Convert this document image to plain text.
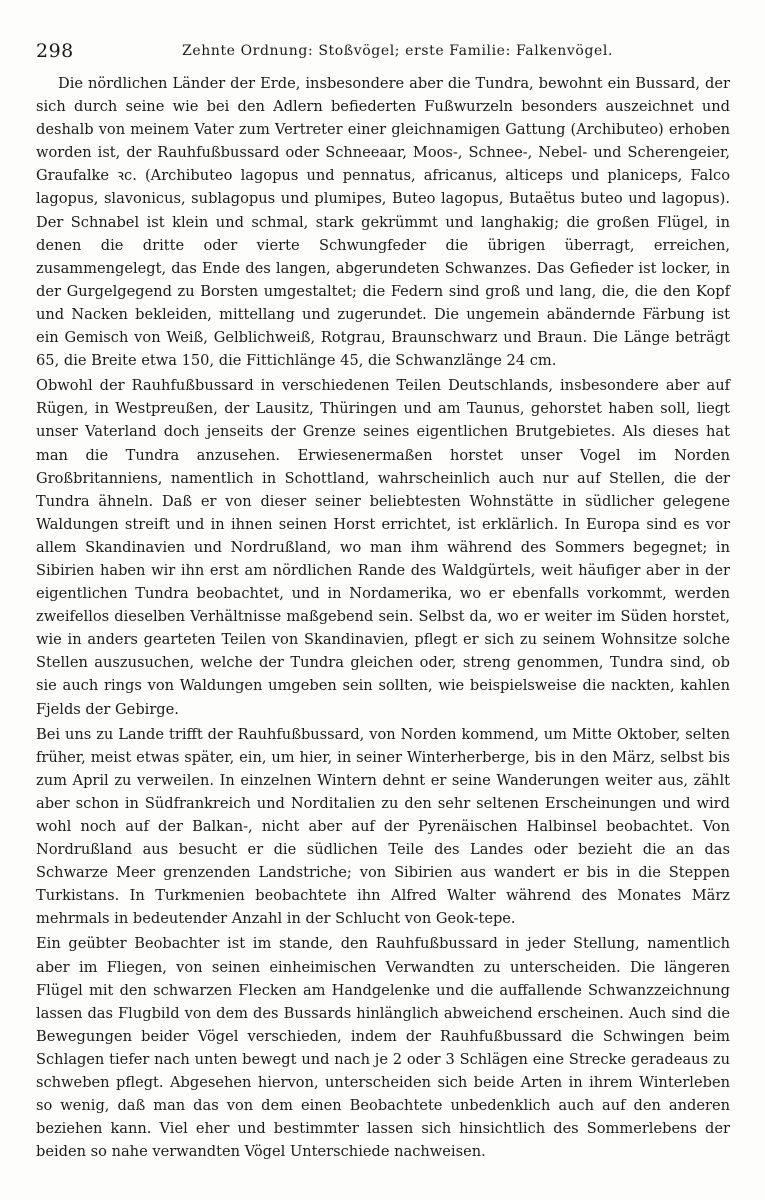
298	Zehnte Ordnung: Stoßvögel; erste Familie: Falkenvögel.

Die nördlichen Länder der Erde, insbesondere aber die Tundra, bewohnt ein Bussard, der sich durch seine wie bei den Adlern befiederten Fußwurzeln besonders auszeichnet und deshalb von meinem Vater zum Vertreter einer gleichnamigen Gattung (Archibuteo) erhoben worden ist, der Rauhfußbussard oder Schneeaar, Moos-, Schnee-, Nebel- und Scherengeier, Graufalke ꝛc. (Archibuteo lagopus und pennatus, africanus, alticeps und planiceps, Falco lagopus, slavonicus, sublagopus und plumipes, Buteo lagopus, Butaëtus buteo und lagopus). Der Schnabel ist klein und schmal, stark gekrümmt und langhakig; die großen Flügel, in denen die dritte oder vierte Schwungfeder die übrigen überragt, erreichen, zusammengelegt, das Ende des langen, abgerundeten Schwanzes. Das Gefieder ist locker, in der Gurgelgegend zu Borsten umgestaltet; die Federn sind groß und lang, die, die den Kopf und Nacken bekleiden, mittellang und zugerundet. Die ungemein abändernde Färbung ist ein Gemisch von Weiß, Gelblichweiß, Rotgrau, Braunschwarz und Braun. Die Länge beträgt 65, die Breite etwa 150, die Fittichlänge 45, die Schwanzlänge 24 cm.

Obwohl der Rauhfußbussard in verschiedenen Teilen Deutschlands, insbesondere aber auf Rügen, in Westpreußen, der Lausitz, Thüringen und am Taunus, gehorstet haben soll, liegt unser Vaterland doch jenseits der Grenze seines eigentlichen Brutgebietes. Als dieses hat man die Tundra anzusehen. Erwiesenermaßen horstet unser Vogel im Norden Großbritanniens, namentlich in Schottland, wahrscheinlich auch nur auf Stellen, die der Tundra ähneln. Daß er von dieser seiner beliebtesten Wohnstätte in südlicher gelegene Waldungen streift und in ihnen seinen Horst errichtet, ist erklärlich. In Europa sind es vor allem Skandinavien und Nordrußland, wo man ihm während des Sommers begegnet; in Sibirien haben wir ihn erst am nördlichen Rande des Waldgürtels, weit häufiger aber in der eigentlichen Tundra beobachtet, und in Nordamerika, wo er ebenfalls vorkommt, werden zweifellos dieselben Verhältnisse maßgebend sein. Selbst da, wo er weiter im Süden horstet, wie in anders gearteten Teilen von Skandinavien, pflegt er sich zu seinem Wohnsitze solche Stellen auszusuchen, welche der Tundra gleichen oder, streng genommen, Tundra sind, ob sie auch rings von Waldungen umgeben sein sollten, wie beispielsweise die nackten, kahlen Fjelds der Gebirge.

Bei uns zu Lande trifft der Rauhfußbussard, von Norden kommend, um Mitte Oktober, selten früher, meist etwas später, ein, um hier, in seiner Winterherberge, bis in den März, selbst bis zum April zu verweilen. In einzelnen Wintern dehnt er seine Wanderungen weiter aus, zählt aber schon in Südfrankreich und Norditalien zu den sehr seltenen Erscheinungen und wird wohl noch auf der Balkan-, nicht aber auf der Pyrenäischen Halbinsel beobachtet. Von Nordrußland aus besucht er die südlichen Teile des Landes oder bezieht die an das Schwarze Meer grenzenden Landstriche; von Sibirien aus wandert er bis in die Steppen Turkistans. In Turkmenien beobachtete ihn Alfred Walter während des Monates März mehrmals in bedeutender Anzahl in der Schlucht von Geok-tepe.

Ein geübter Beobachter ist im stande, den Rauhfußbussard in jeder Stellung, namentlich aber im Fliegen, von seinen einheimischen Verwandten zu unterscheiden. Die längeren Flügel mit den schwarzen Flecken am Handgelenke und die auffallende Schwanzzeichnung lassen das Flugbild von dem des Bussards hinlänglich abweichend erscheinen. Auch sind die Bewegungen beider Vögel verschieden, indem der Rauhfußbussard die Schwingen beim Schlagen tiefer nach unten bewegt und nach je 2 oder 3 Schlägen eine Strecke geradeaus zu schweben pflegt. Abgesehen hiervon, unterscheiden sich beide Arten in ihrem Winterleben so wenig, daß man das von dem einen Beobachtete unbedenklich auch auf den anderen beziehen kann. Viel eher und bestimmter lassen sich hinsichtlich des Sommerlebens der beiden so nahe verwandten Vögel Unterschiede nachweisen.
